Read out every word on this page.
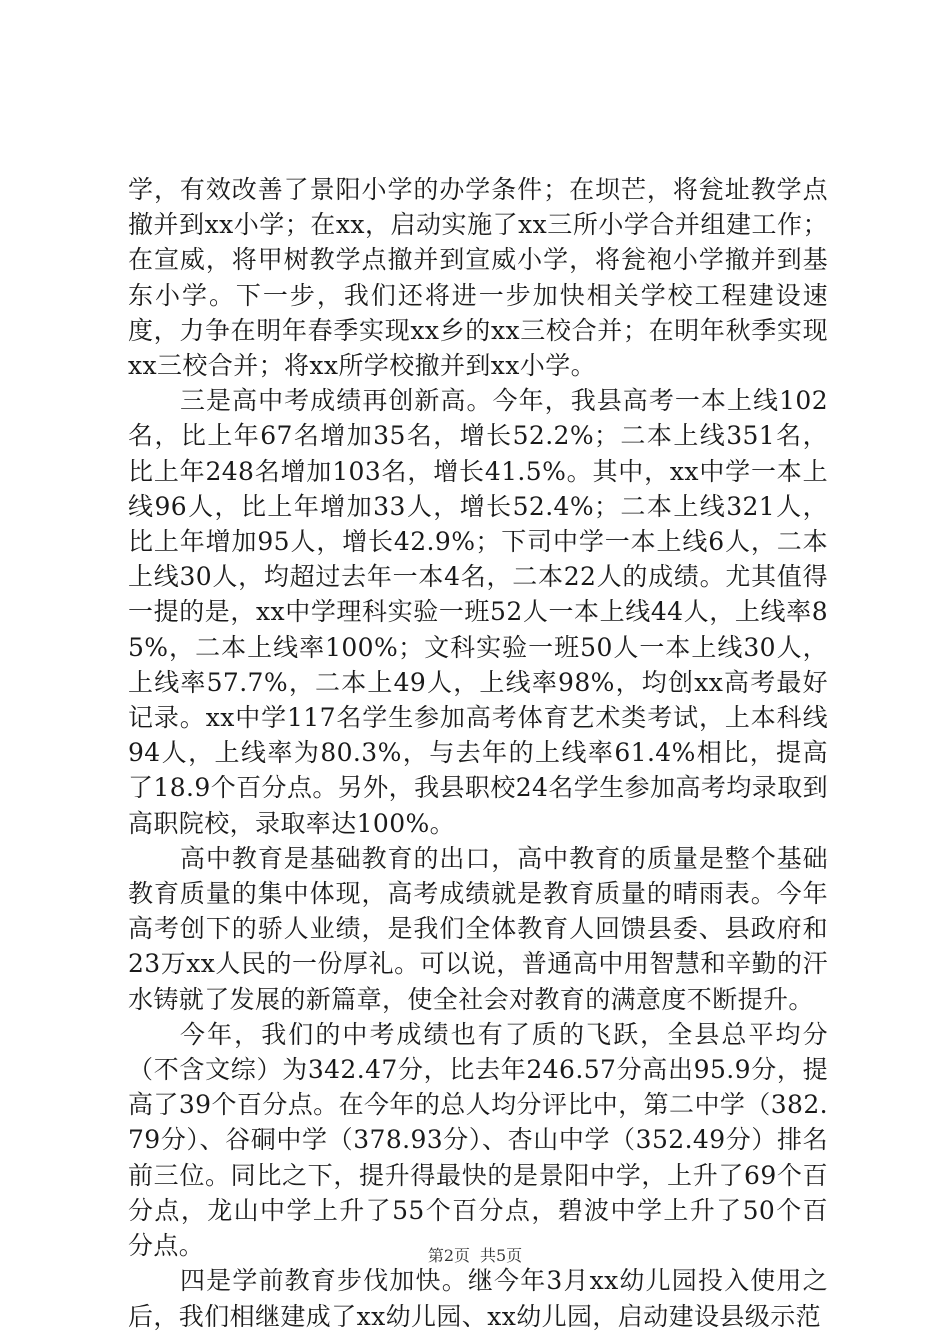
学，有效改善了景阳小学的办学条件；在坝芒，将瓮址教学点撤并到xx小学；在xx，启动实施了xx三所小学合并组建工作；在宣威，将甲树教学点撤并到宣威小学，将瓮袍小学撤并到基东小学。下一步，我们还将进一步加快相关学校工程建设速度，力争在明年春季实现xx乡的xx三校合并；在明年秋季实现xx三校合并；将xx所学校撤并到xx小学。

三是高中考成绩再创新高。今年，我县高考一本上线102名，比上年67名增加35名，增长52.2%；二本上线351名，比上年248名增加103名，增长41.5%。其中，xx中学一本上线96人，比上年增加33人，增长52.4%；二本上线321人，比上年增加95人，增长42.9%；下司中学一本上线6人，二本上线30人，均超过去年一本4名，二本22人的成绩。尤其值得一提的是，xx中学理科实验一班52人一本上线44人，上线率85%，二本上线率100%；文科实验一班50人一本上线30人，上线率57.7%，二本上49人，上线率98%，均创xx高考最好记录。xx中学117名学生参加高考体育艺术类考试，上本科线94人，上线率为80.3%，与去年的上线率61.4%相比，提高了18.9个百分点。另外，我县职校24名学生参加高考均录取到高职院校，录取率达100%。

高中教育是基础教育的出口，高中教育的质量是整个基础教育质量的集中体现，高考成绩就是教育质量的晴雨表。今年高考创下的骄人业绩，是我们全体教育人回馈县委、县政府和23万xx人民的一份厚礼。可以说，普通高中用智慧和辛勤的汗水铸就了发展的新篇章，使全社会对教育的满意度不断提升。

今年，我们的中考成绩也有了质的飞跃，全县总平均分（不含文综）为342.47分，比去年246.57分高出95.9分，提高了39个百分点。在今年的总人均分评比中，第二中学（382.79分）、谷硐中学（378.93分）、杏山中学（352.49分）排名前三位。同比之下，提升得最快的是景阳中学，上升了69个百分点，龙山中学上升了55个百分点，碧波中学上升了50个百分点。

四是学前教育步伐加快。继今年3月xx幼儿园投入使用之后，我们相继建成了xx幼儿园、xx幼儿园，启动建设县级示范

第2页 共5页
